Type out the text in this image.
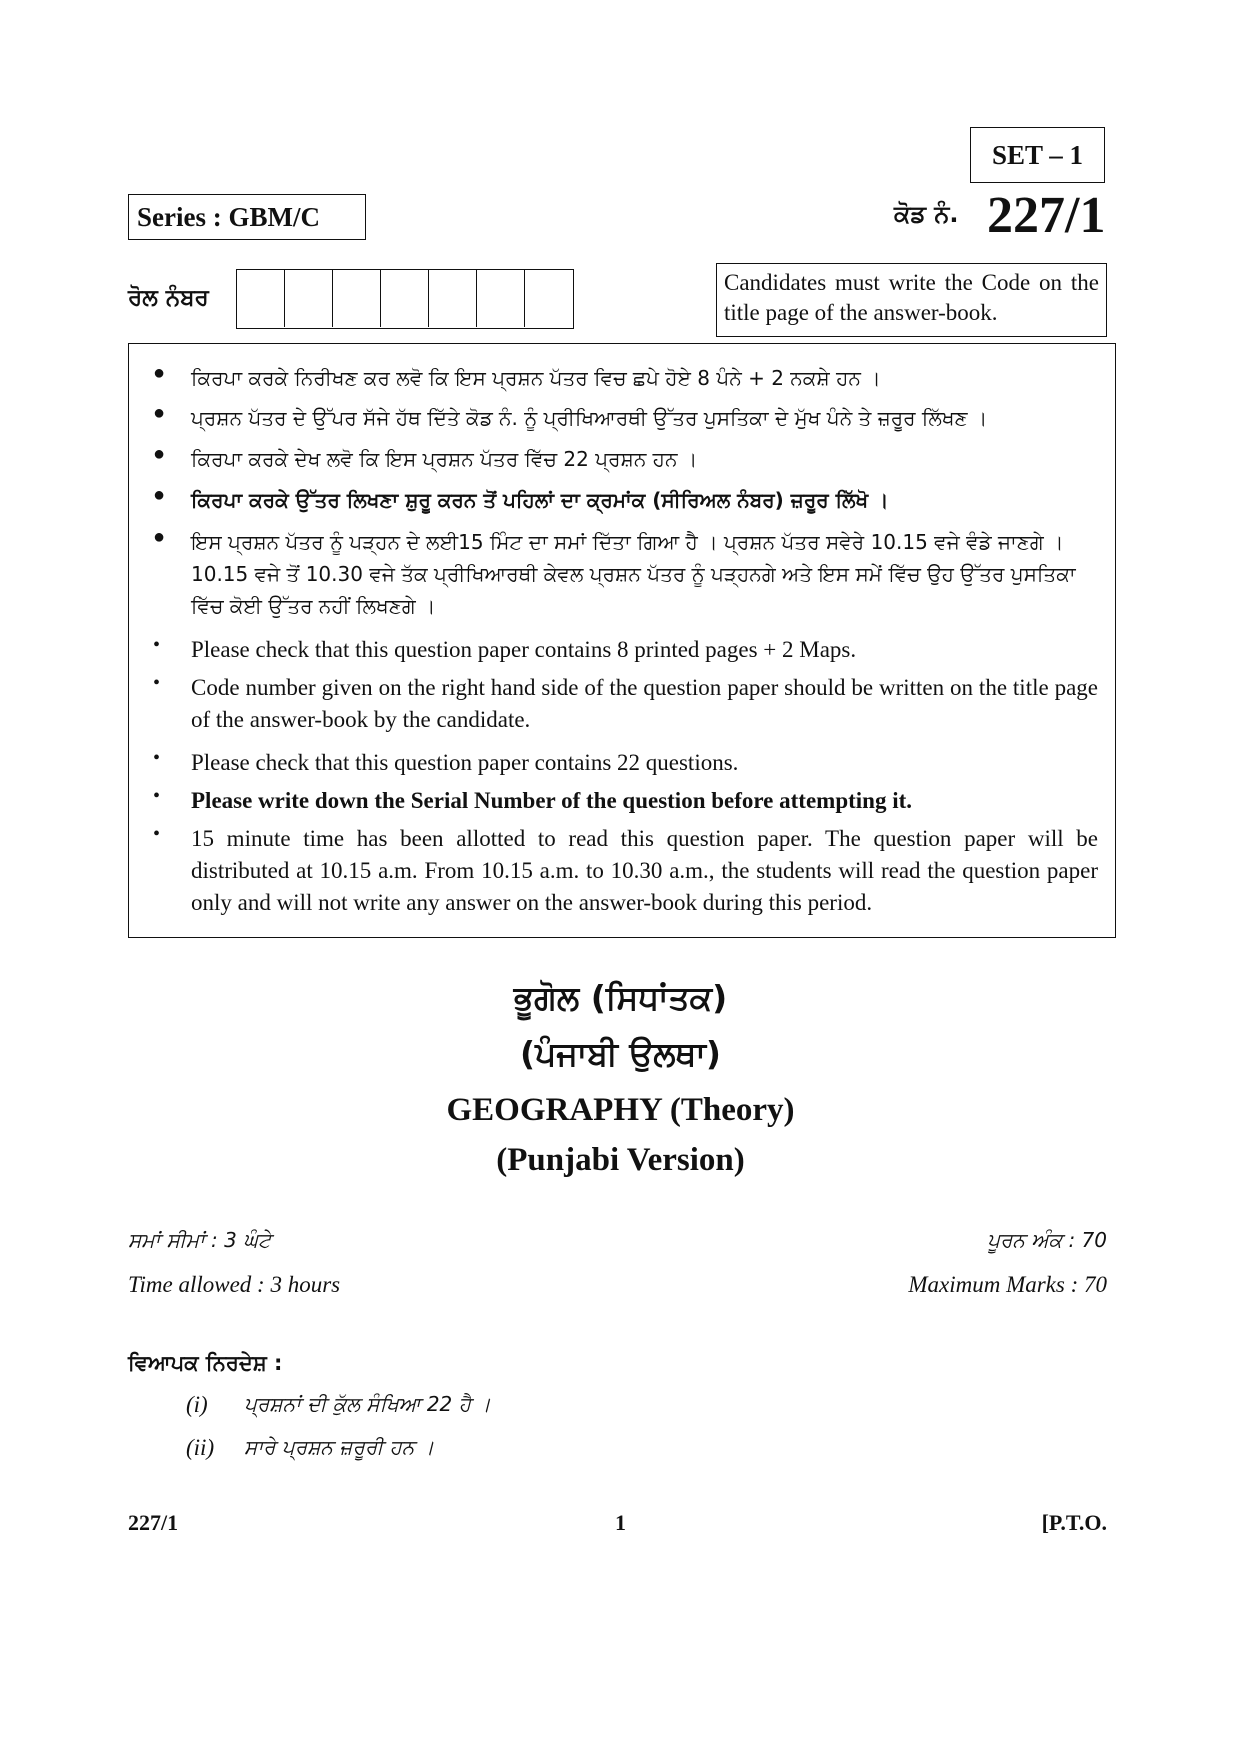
SET – 1
Series : GBM/C	ਕੋਡ ਨੰ. 227/1
ਰੋਲ ਨੰਬਰ
Candidates must write the Code on the title page of the answer-book.
● ਕਿਰਪਾ ਕਰਕੇ ਨਿਰੀਖਣ ਕਰ ਲਵੋ ਕਿ ਇਸ ਪ੍ਰਸ਼ਨ ਪੱਤਰ ਵਿਚ ਛਪੇ ਹੋਏ 8 ਪੰਨੇ + 2 ਨਕਸ਼ੇ ਹਨ ।
● ਪ੍ਰਸ਼ਨ ਪੱਤਰ ਦੇ ਉੱਪਰ ਸੱਜੇ ਹੱਥ ਦਿੱਤੇ ਕੋਡ ਨੰ. ਨੂੰ ਪ੍ਰੀਖਿਆਰਥੀ ਉੱਤਰ ਪੁਸਤਿਕਾ ਦੇ ਮੁੱਖ ਪੰਨੇ ਤੇ ਜ਼ਰੂਰ ਲਿੱਖਣ ।
● ਕਿਰਪਾ ਕਰਕੇ ਦੇਖ ਲਵੋ ਕਿ ਇਸ ਪ੍ਰਸ਼ਨ ਪੱਤਰ ਵਿੱਚ 22 ਪ੍ਰਸ਼ਨ ਹਨ ।
● ਕਿਰਪਾ ਕਰਕੇ ਉੱਤਰ ਲਿਖਣਾ ਸ਼ੁਰੂ ਕਰਨ ਤੋਂ ਪਹਿਲਾਂ ਦਾ ਕ੍ਰਮਾਂਕ (ਸੀਰਿਅਲ ਨੰਬਰ) ਜ਼ਰੂਰ ਲਿੱਖੋ ।
● ਇਸ ਪ੍ਰਸ਼ਨ ਪੱਤਰ ਨੂੰ ਪੜ੍ਹਨ ਦੇ ਲਈ15 ਮਿੰਟ ਦਾ ਸਮਾਂ ਦਿੱਤਾ ਗਿਆ ਹੈ । ਪ੍ਰਸ਼ਨ ਪੱਤਰ ਸਵੇਰੇ 10.15 ਵਜੇ ਵੰਡੇ ਜਾਣਗੇ । 10.15 ਵਜੇ ਤੋਂ 10.30 ਵਜੇ ਤੱਕ ਪ੍ਰੀਖਿਆਰਥੀ ਕੇਵਲ ਪ੍ਰਸ਼ਨ ਪੱਤਰ ਨੂੰ ਪੜ੍ਹਨਗੇ ਅਤੇ ਇਸ ਸਮੇਂ ਵਿੱਚ ਉਹ ਉੱਤਰ ਪੁਸਤਿਕਾ ਵਿੱਚ ਕੋਈ ਉੱਤਰ ਨਹੀਂ ਲਿਖਣਗੇ ।
• Please check that this question paper contains 8 printed pages + 2 Maps.
• Code number given on the right hand side of the question paper should be written on the title page of the answer-book by the candidate.
• Please check that this question paper contains 22 questions.
• Please write down the Serial Number of the question before attempting it.
• 15 minute time has been allotted to read this question paper. The question paper will be distributed at 10.15 a.m. From 10.15 a.m. to 10.30 a.m., the students will read the question paper only and will not write any answer on the answer-book during this period.
ਭੂਗੋਲ (ਸਿਧਾਂਤਕ)
(ਪੰਜਾਬੀ ਉਲਥਾ)
GEOGRAPHY (Theory)
(Punjabi Version)
ਸਮਾਂ ਸੀਮਾਂ : 3 ਘੰਟੇ	ਪੂਰਨ ਅੰਕ : 70
Time allowed : 3 hours	Maximum Marks : 70
ਵਿਆਪਕ ਨਿਰਦੇਸ਼ :
(i) ਪ੍ਰਸ਼ਨਾਂ ਦੀ ਕੁੱਲ ਸੰਖਿਆ 22 ਹੈ ।
(ii) ਸਾਰੇ ਪ੍ਰਸ਼ਨ ਜ਼ਰੂਰੀ ਹਨ ।
227/1	1	[P.T.O.
